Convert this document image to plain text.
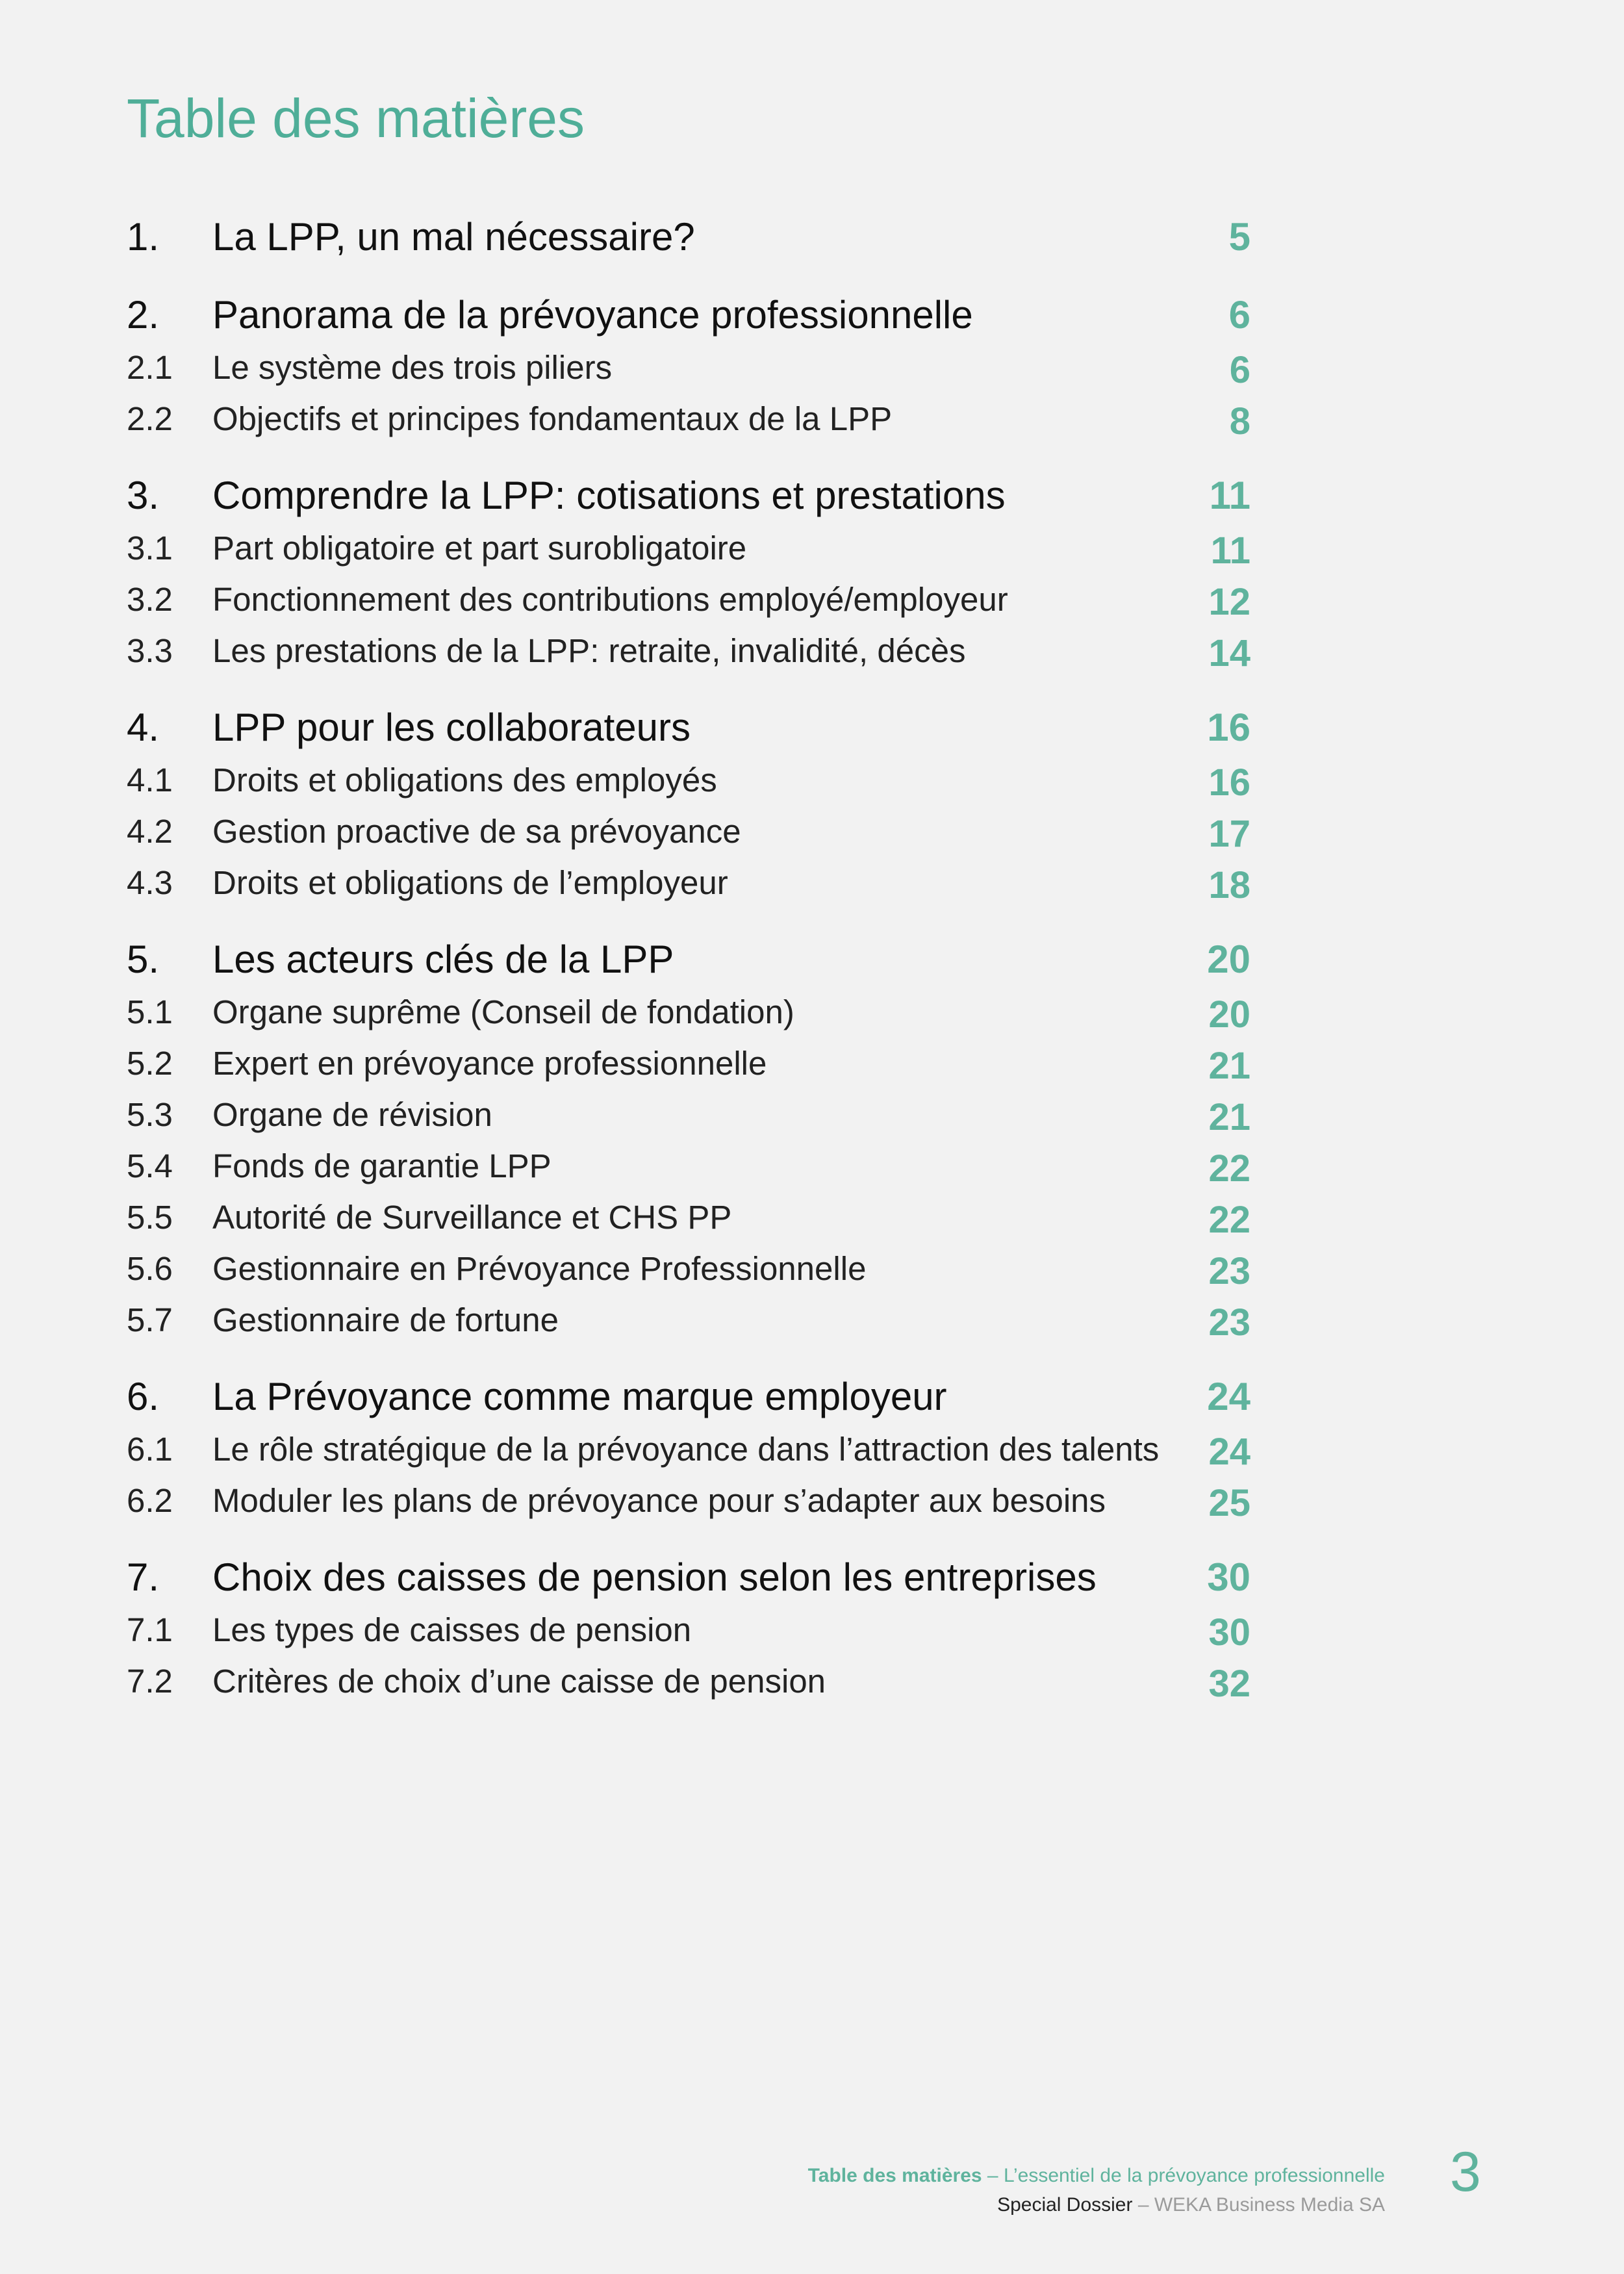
Table des matières
1.	La LPP, un mal nécessaire?	5
2.	Panorama de la prévoyance professionnelle	6
2.1	Le système des trois piliers	6
2.2	Objectifs et principes fondamentaux de la LPP	8
3.	Comprendre la LPP: cotisations et prestations	11
3.1	Part obligatoire et part surobligatoire	11
3.2	Fonctionnement des contributions employé/employeur	12
3.3	Les prestations de la LPP: retraite, invalidité, décès	14
4.	LPP pour les collaborateurs	16
4.1	Droits et obligations des employés	16
4.2	Gestion proactive de sa prévoyance	17
4.3	Droits et obligations de l’employeur	18
5.	Les acteurs clés de la LPP	20
5.1	Organe suprême (Conseil de fondation)	20
5.2	Expert en prévoyance professionnelle	21
5.3	Organe de révision	21
5.4	Fonds de garantie LPP	22
5.5	Autorité de Surveillance et CHS PP	22
5.6	Gestionnaire en Prévoyance Professionnelle	23
5.7	Gestionnaire de fortune	23
6.	La Prévoyance comme marque employeur	24
6.1	Le rôle stratégique de la prévoyance dans l’attraction des talents	24
6.2	Moduler les plans de prévoyance pour s’adapter aux besoins	25
7.	Choix des caisses de pension selon les entreprises	30
7.1	Les types de caisses de pension	30
7.2	Critères de choix d’une caisse de pension	32
Table des matières – L’essentiel de la prévoyance professionnelle
Special Dossier – WEKA Business Media SA
3
